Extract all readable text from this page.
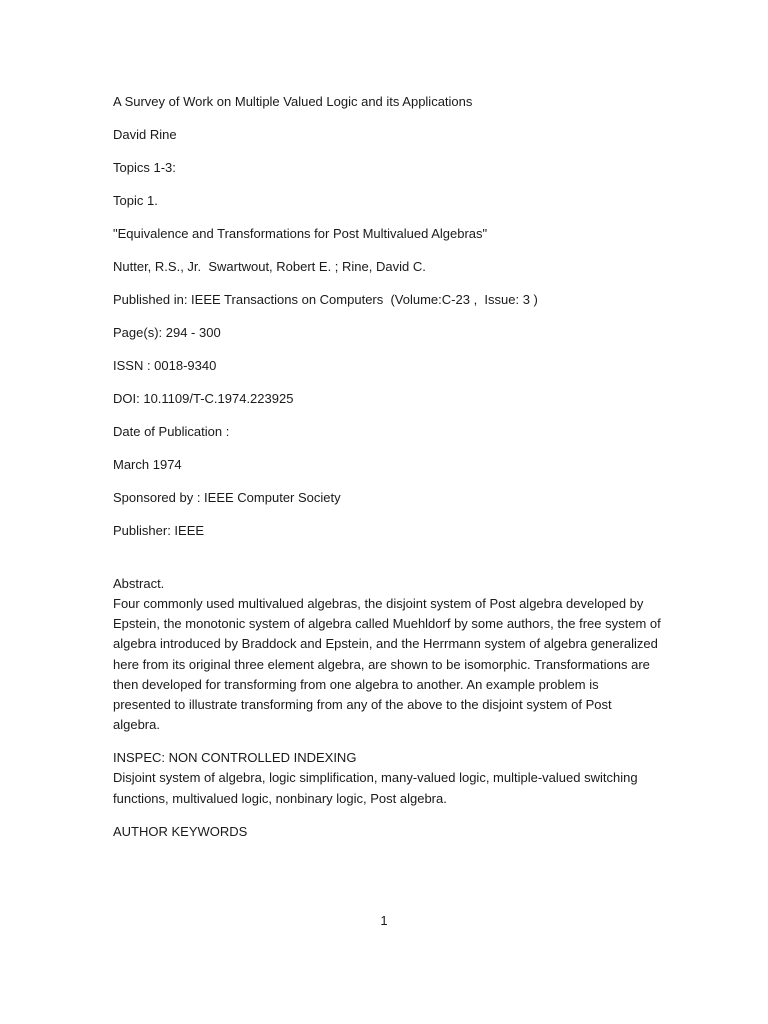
A Survey of Work on Multiple Valued Logic and its Applications

David Rine

Topics 1-3:

Topic 1.

"Equivalence and Transformations for Post Multivalued Algebras"

Nutter, R.S., Jr.  Swartwout, Robert E. ; Rine, David C.

Published in: IEEE Transactions on Computers  (Volume:C-23 ,  Issue: 3 )

Page(s): 294 - 300

ISSN : 0018-9340

DOI: 10.1109/T-C.1974.223925

Date of Publication :

March 1974

Sponsored by : IEEE Computer Society

Publisher: IEEE

Abstract.

Four commonly used multivalued algebras, the disjoint system of Post algebra developed by
Epstein, the monotonic system of algebra called Muehldorf by some authors, the free system of
algebra introduced by Braddock and Epstein, and the Herrmann system of algebra generalized
here from its original three element algebra, are shown to be isomorphic. Transformations are
then developed for transforming from one algebra to another. An example problem is
presented to illustrate transforming from any of the above to the disjoint system of Post
algebra.

INSPEC: NON CONTROLLED INDEXING

Disjoint system of algebra, logic simplification, many-valued logic, multiple-valued switching
functions, multivalued logic, nonbinary logic, Post algebra.

AUTHOR KEYWORDS

1
